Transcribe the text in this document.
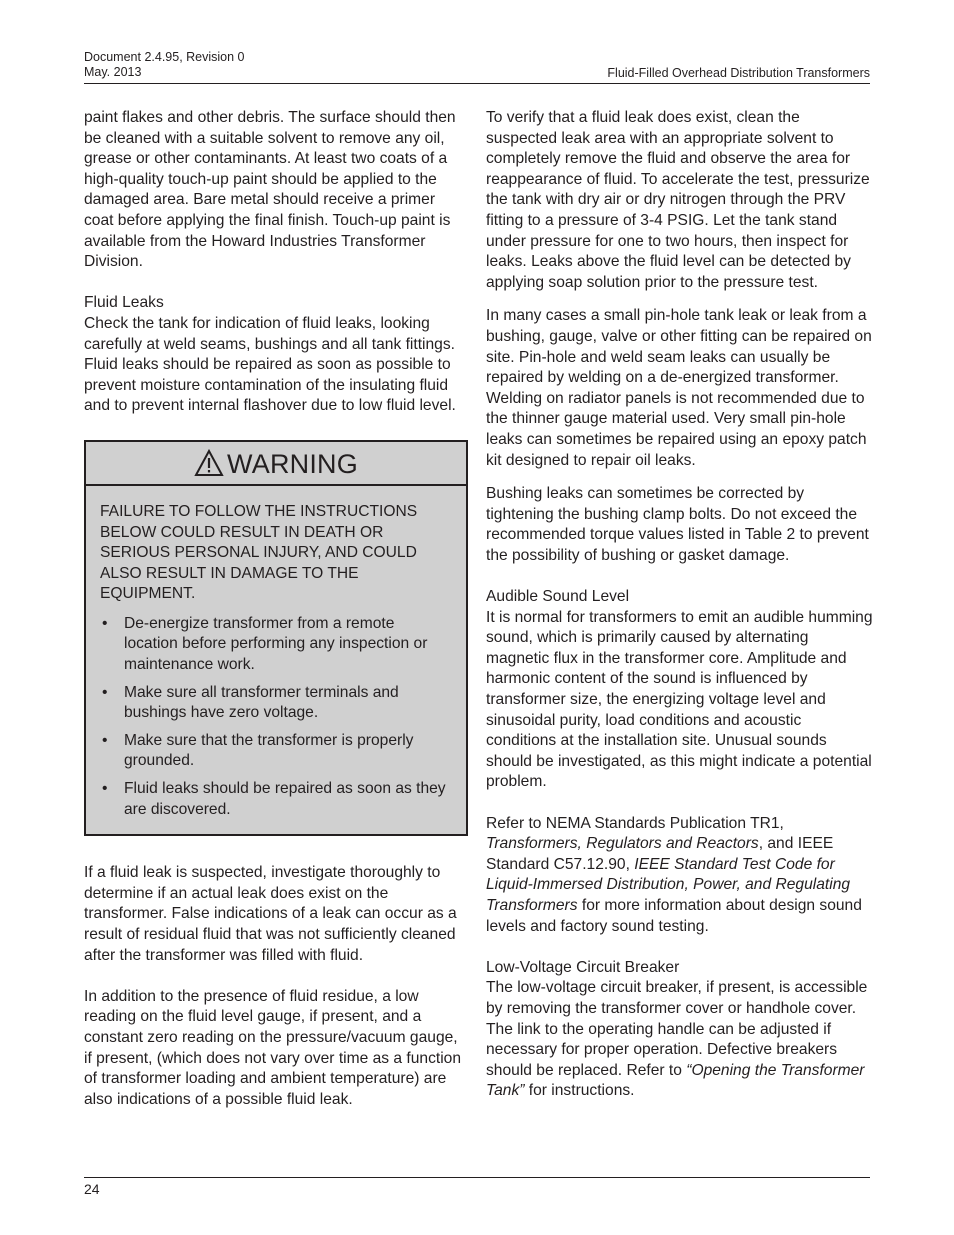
Document 2.4.95, Revision 0
May. 2013	Fluid-Filled Overhead Distribution Transformers

paint flakes and other debris. The surface should then be cleaned with a suitable solvent to remove any oil, grease or other contaminants. At least two coats of a high-quality touch-up paint should be applied to the damaged area. Bare metal should receive a primer coat before applying the final finish. Touch-up paint is available from the Howard Industries Transformer Division.

Fluid Leaks

Check the tank for indication of fluid leaks, looking carefully at weld seams, bushings and all tank fittings. Fluid leaks should be repaired as soon as possible to prevent moisture contamination of the insulating fluid and to prevent internal flashover due to low fluid level.

WARNING

FAILURE TO FOLLOW THE INSTRUCTIONS BELOW COULD RESULT IN DEATH OR SERIOUS PERSONAL INJURY, AND COULD ALSO RESULT IN DAMAGE TO THE EQUIPMENT.

• De-energize transformer from a remote location before performing any inspection or maintenance work.
• Make sure all transformer terminals and bushings have zero voltage.
• Make sure that the transformer is properly grounded.
• Fluid leaks should be repaired as soon as they are discovered.

If a fluid leak is suspected, investigate thoroughly to determine if an actual leak does exist on the transformer. False indications of a leak can occur as a result of residual fluid that was not sufficiently cleaned after the transformer was filled with fluid.

In addition to the presence of fluid residue, a low reading on the fluid level gauge, if present, and a constant zero reading on the pressure/vacuum gauge, if present, (which does not vary over time as a function of transformer loading and ambient temperature) are also indications of a possible fluid leak.

To verify that a fluid leak does exist, clean the suspected leak area with an appropriate solvent to completely remove the fluid and observe the area for reappearance of fluid. To accelerate the test, pressurize the tank with dry air or dry nitrogen through the PRV fitting to a pressure of 3-4 PSIG. Let the tank stand under pressure for one to two hours, then inspect for leaks. Leaks above the fluid level can be detected by applying soap solution prior to the pressure test.

In many cases a small pin-hole tank leak or leak from a bushing, gauge, valve or other fitting can be repaired on site. Pin-hole and weld seam leaks can usually be repaired by welding on a de-energized transformer. Welding on radiator panels is not recommended due to the thinner gauge material used. Very small pin-hole leaks can sometimes be repaired using an epoxy patch kit designed to repair oil leaks.

Bushing leaks can sometimes be corrected by tightening the bushing clamp bolts. Do not exceed the recommended torque values listed in Table 2 to prevent the possibility of bushing or gasket damage.

Audible Sound Level

It is normal for transformers to emit an audible humming sound, which is primarily caused by alternating magnetic flux in the transformer core. Amplitude and harmonic content of the sound is influenced by transformer size, the energizing voltage level and sinusoidal purity, load conditions and acoustic conditions at the installation site. Unusual sounds should be investigated, as this might indicate a potential problem.

Refer to NEMA Standards Publication TR1, Transformers, Regulators and Reactors, and IEEE Standard C57.12.90, IEEE Standard Test Code for Liquid-Immersed Distribution, Power, and Regulating Transformers for more information about design sound levels and factory sound testing.

Low-Voltage Circuit Breaker

The low-voltage circuit breaker, if present, is accessible by removing the transformer cover or handhole cover. The link to the operating handle can be adjusted if necessary for proper operation. Defective breakers should be replaced. Refer to “Opening the Transformer Tank” for instructions.

24
